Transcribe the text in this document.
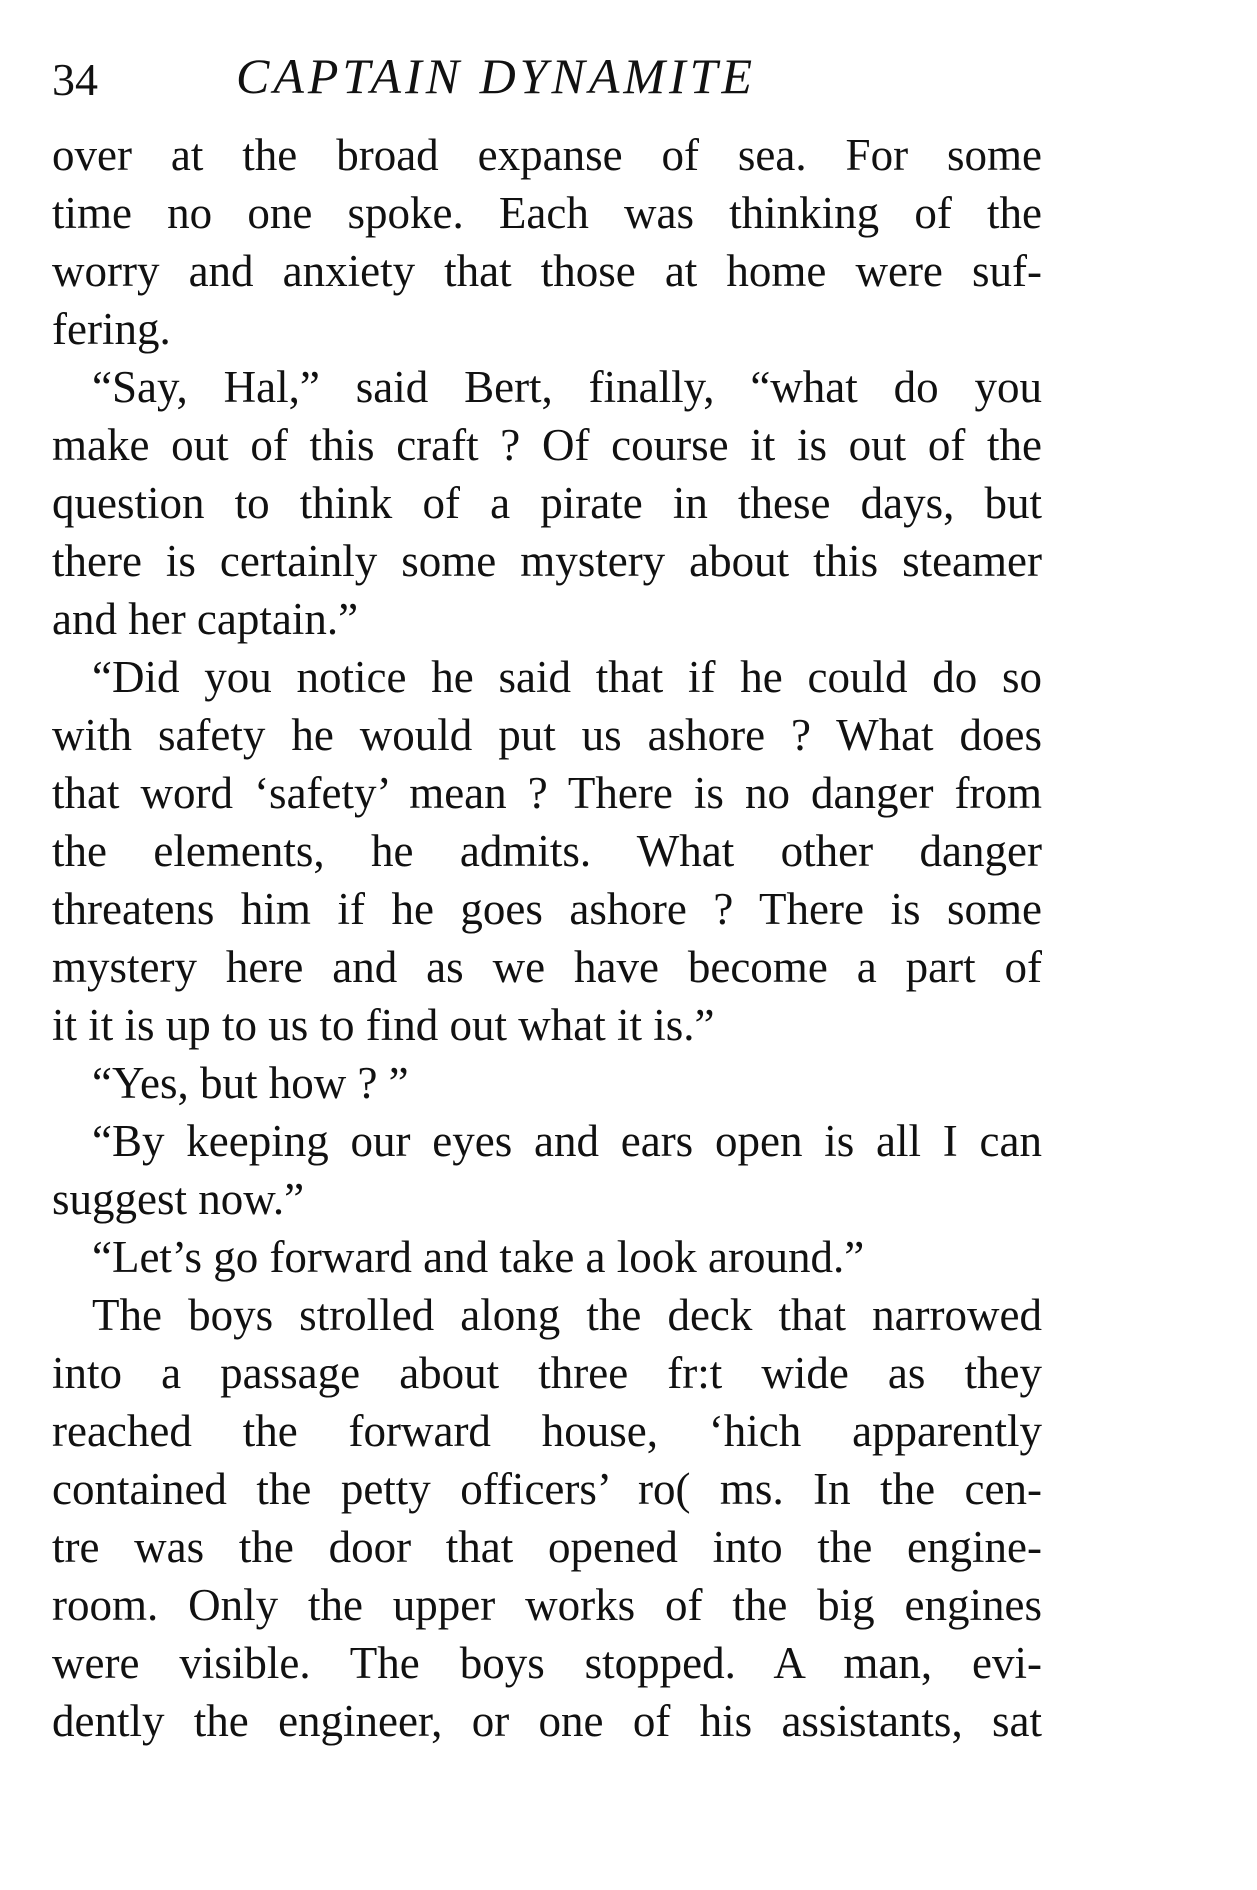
34	CAPTAIN DYNAMITE
over at the broad expanse of sea. For some
time no one spoke. Each was thinking of the
worry and anxiety that those at home were suf-
fering.
“Say, Hal,” said Bert, finally, “what do you
make out of this craft ? Of course it is out of the
question to think of a pirate in these days, but
there is certainly some mystery about this steamer
and her captain.”
“Did you notice he said that if he could do so
with safety he would put us ashore ? What does
that word ‘safety’ mean ? There is no danger from
the elements, he admits. What other danger
threatens him if he goes ashore ? There is some
mystery here and as we have become a part of
it it is up to us to find out what it is.”
“Yes, but how ? ”
“By keeping our eyes and ears open is all I can
suggest now.”
“Let’s go forward and take a look around.”
The boys strolled along the deck that narrowed
into a passage about three fr:t wide as they
reached the forward house, ‘hich apparently
contained the petty officers’ ro( ms. In the cen-
tre was the door that opened into the engine-
room. Only the upper works of the big engines
were visible. The boys stopped. A man, evi-
dently the engineer, or one of his assistants, sat
